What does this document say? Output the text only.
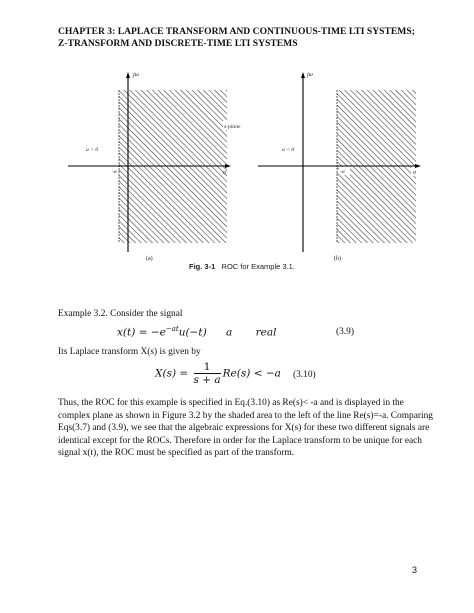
CHAPTER 3: LAPLACE TRANSFORM AND CONTINUOUS-TIME LTI SYSTEMS;
Z-TRANSFORM AND DISCRETE-TIME LTI SYSTEMS
jω
s-plane
a > 0
-a	σ
(a)
jω
a < 0
-a	σ
(b)
Fig. 3-1 ROC for Example 3.1.
Example 3.2. Consider the signal
$x(t) = -e^{-at}u(-t)$ a real	(3.9)
Its Laplace transform X(s) is given by
$X(s) = \frac{1}{s + a} Re(s) < -a$ (3.10)
Thus, the ROC for this example is specified in Eq.(3.10) as Re(s)< -a and is displayed in the complex plane as shown in Figure 3.2 by the shaded area to the left of the line Re(s)=-a. Comparing Eqs(3.7) and (3.9), we see that the algebraic expressions for X(s) for these two different signals are identical except for the ROCs. Therefore in order for the Laplace transform to be unique for each signal x(t), the ROC must be specified as part of the transform.
3
